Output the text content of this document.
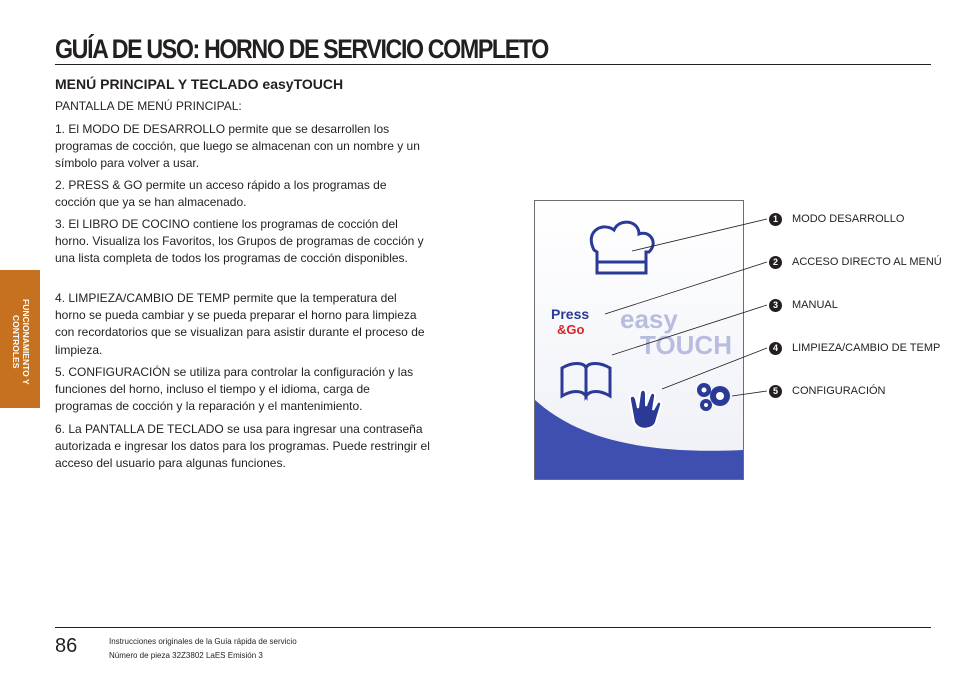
GUÍA DE USO: HORNO DE SERVICIO COMPLETO
MENÚ PRINCIPAL Y TECLADO easyTOUCH

PANTALLA DE MENÚ PRINCIPAL:

1. El MODO DE DESARROLLO permite que se desarrollen los programas de cocción, que luego se almacenan con un nombre y un símbolo para volver a usar.

2. PRESS & GO permite un acceso rápido a los programas de cocción que ya se han almacenado.

3. El LIBRO DE COCINO contiene los programas de cocción del horno. Visualiza los Favoritos, los Grupos de programas de cocción y una lista completa de todos los programas de cocción disponibles.

4. LIMPIEZA/CAMBIO DE TEMP permite que la temperatura del horno se pueda cambiar y se pueda preparar el horno para limpieza con recordatorios que se visualizan para asistir durante el proceso de limpieza.

5. CONFIGURACIÓN se utiliza para controlar la configuración y las funciones del horno, incluso el tiempo y el idioma, carga de programas de cocción y la reparación y el mantenimiento.

6. La PANTALLA DE TECLADO se usa para ingresar una contraseña autorizada e ingresar los datos para los programas. Puede restringir el acceso del usuario para algunas funciones.

FUNCIONAMIENTO Y CONTROLES
Press
&Go easy
TOUCH
1	MODO DESARROLLO
2	ACCESO DIRECTO AL MENÚ
3	MANUAL
4	LIMPIEZA/CAMBIO DE TEMP
5	CONFIGURACIÓN
86	Instrucciones originales de la Guía rápida de servicio
Número de pieza 32Z3802 LaES Emisión 3
